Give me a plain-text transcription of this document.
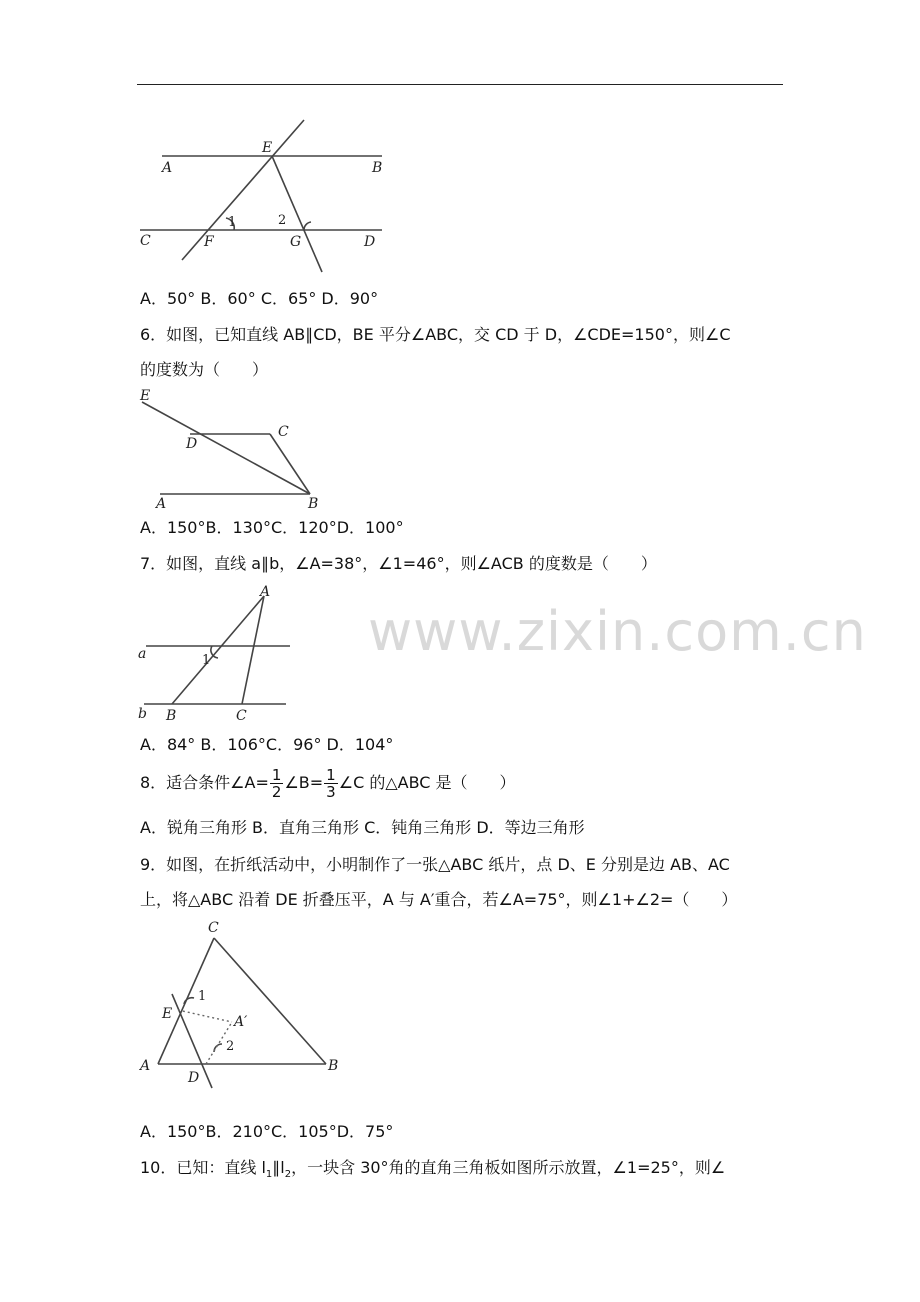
A	B
E
C	F	G	D
1	2
A．50° B．60° C．65° D．90°
6．如图，已知直线 AB∥CD，BE 平分∠ABC，交 CD 于 D，∠CDE=150°，则∠C
的度数为（　　）
E
D
C
A	B
A．150°B．130°C．120°D．100°
7．如图，直线 a∥b，∠A=38°，∠1=46°，则∠ACB 的度数是（　　）
A
a	1
b B	C
A．84° B．106°C．96° D．104°
8．适合条件∠A= $\frac{1}{2}$ ∠B= $\frac{1}{3}$ ∠C 的△ABC 是（　　）
A．锐角三角形 B．直角三角形 C．钝角三角形 D．等边三角形
9．如图，在折纸活动中，小明制作了一张△ABC 纸片，点 D、E 分别是边 AB、AC
上，将△ABC 沿着 DE 折叠压平，A 与 A′重合，若∠A=75°，则∠1+∠2=（　　）
C
E
1
A′
2
A
D
B
A．150°B．210°C．105°D．75°
10．已知：直线 $l_1\parallel l_2$，一块含 30°角的直角三角板如图所示放置，∠1=25°，则∠
www.zixin.com.cn
